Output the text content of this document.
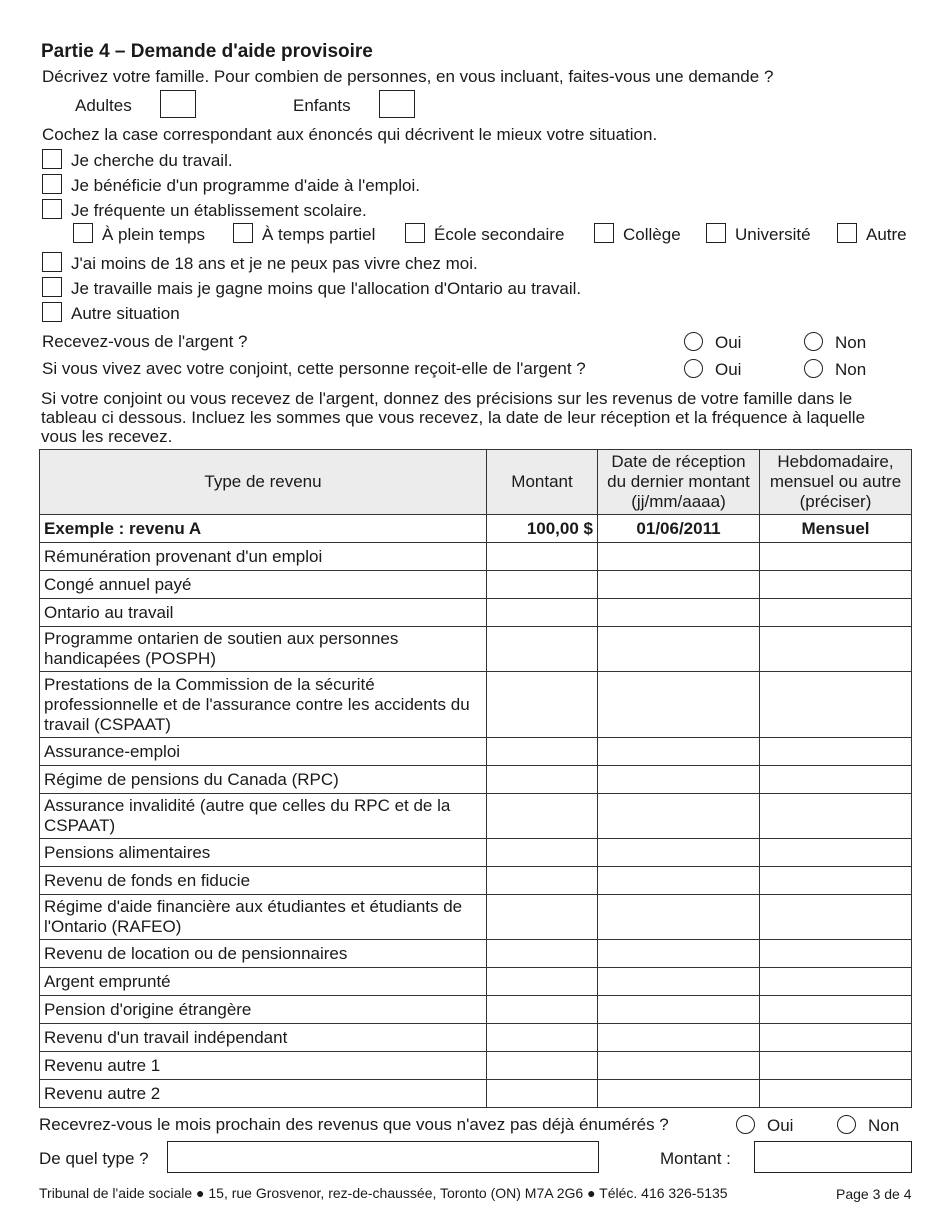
Partie 4 – Demande d'aide provisoire
Décrivez votre famille. Pour combien de personnes, en vous incluant, faites-vous une demande ?
Adultes	Enfants
Cochez la case correspondant aux énoncés qui décrivent le mieux votre situation.
Je cherche du travail.
Je bénéficie d'un programme d'aide à l'emploi.
Je fréquente un établissement scolaire.
À plein temps	À temps partiel	École secondaire	Collège	Université	Autre
J'ai moins de 18 ans et je ne peux pas vivre chez moi.
Je travaille mais je gagne moins que l'allocation d'Ontario au travail.
Autre situation
Recevez-vous de l'argent ?	Oui	Non
Si vous vivez avec votre conjoint, cette personne reçoit-elle de l'argent ?	Oui	Non
Si votre conjoint ou vous recevez de l'argent, donnez des précisions sur les revenus de votre famille dans le tableau ci dessous. Incluez les sommes que vous recevez, la date de leur réception et la fréquence à laquelle vous les recevez.
Type de revenu	Montant	Date de réception du dernier montant (jj/mm/aaaa)	Hebdomadaire, mensuel ou autre (préciser)
Exemple : revenu A	100,00 $	01/06/2011	Mensuel
Rémunération provenant d'un emploi			
Congé annuel payé			
Ontario au travail			
Programme ontarien de soutien aux personnes handicapées (POSPH)			
Prestations de la Commission de la sécurité professionnelle et de l'assurance contre les accidents du travail (CSPAAT)			
Assurance-emploi			
Régime de pensions du Canada (RPC)			
Assurance invalidité (autre que celles du RPC et de la CSPAAT)			
Pensions alimentaires			
Revenu de fonds en fiducie			
Régime d'aide financière aux étudiantes et étudiants de l'Ontario (RAFEO)			
Revenu de location ou de pensionnaires			
Argent emprunté			
Pension d'origine étrangère			
Revenu d'un travail indépendant			
Revenu autre 1			
Revenu autre 2			
Recevrez-vous le mois prochain des revenus que vous n'avez pas déjà énumérés ?	Oui	Non
De quel type ?	Montant :
Tribunal de l'aide sociale ● 15, rue Grosvenor, rez-de-chaussée, Toronto (ON) M7A 2G6 ● Téléc. 416 326-5135	Page 3 de 4
